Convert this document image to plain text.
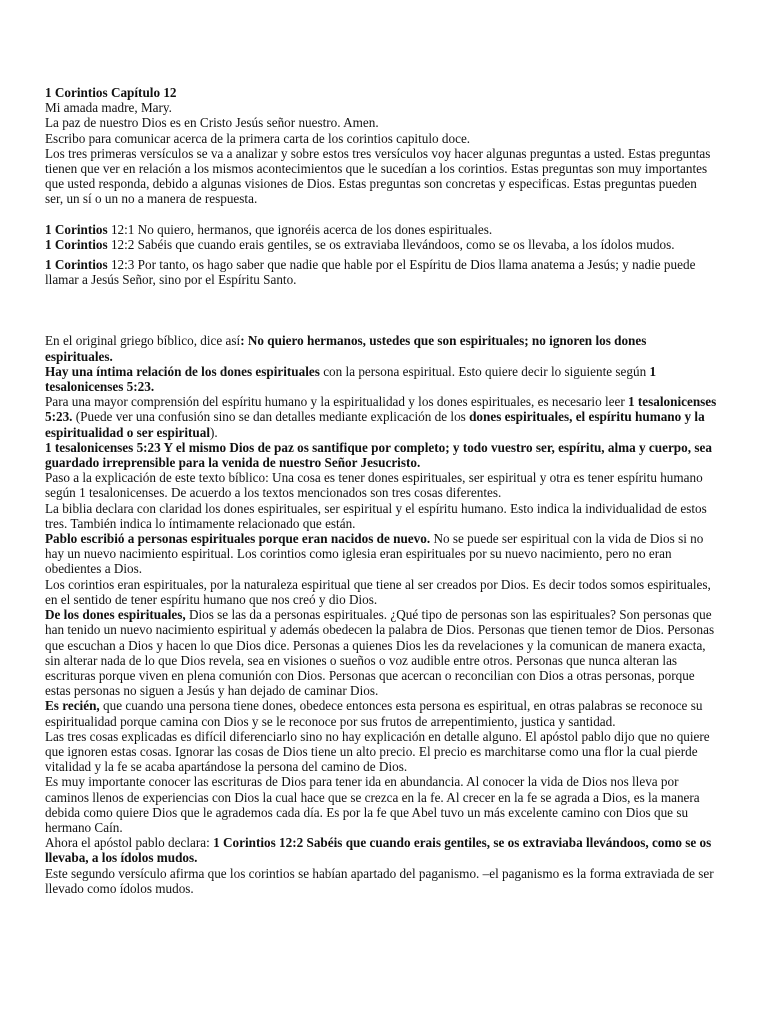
1 Corintios Capítulo 12

Mi amada madre, Mary.

La paz de nuestro Dios es en Cristo Jesús señor nuestro. Amen.

Escribo para comunicar acerca de la primera carta de los corintios capitulo doce.

Los tres primeras versículos se va a analizar y sobre estos tres versículos voy hacer algunas preguntas a usted. Estas preguntas tienen que ver en relación a los mismos acontecimientos que le sucedían a los corintios. Estas preguntas son muy importantes que usted responda, debido a algunas visiones de Dios. Estas preguntas son concretas y especificas. Estas preguntas pueden ser, un sí o un no a manera de respuesta.

1 Corintios 12:1 No quiero, hermanos, que ignoréis acerca de los dones espirituales.

1 Corintios 12:2 Sabéis que cuando erais gentiles, se os extraviaba llevándoos, como se os llevaba, a los ídolos mudos.

1 Corintios 12:3 Por tanto, os hago saber que nadie que hable por el Espíritu de Dios llama anatema a Jesús; y nadie puede llamar a Jesús Señor, sino por el Espíritu Santo.

En el original griego bíblico, dice así: No quiero hermanos, ustedes que son espirituales; no ignoren los dones espirituales.

Hay una íntima relación de los dones espirituales con la persona espiritual. Esto quiere decir lo siguiente según 1 tesalonicenses 5:23.

Para una mayor comprensión del espíritu humano y la espiritualidad y los dones espirituales, es necesario leer 1 tesalonicenses 5:23. (Puede ver una confusión sino se dan detalles mediante explicación de los dones espirituales, el espíritu humano y la espiritualidad o ser espiritual).

1 tesalonicenses 5:23 Y el mismo Dios de paz os santifique por completo; y todo vuestro ser, espíritu, alma y cuerpo, sea guardado irreprensible para la venida de nuestro Señor Jesucristo.

Paso a la explicación de este texto bíblico: Una cosa es tener dones espirituales, ser espiritual y otra es tener espíritu humano según 1 tesalonicenses. De acuerdo a los textos mencionados son tres cosas diferentes.

La biblia declara con claridad los dones espirituales, ser espiritual y el espíritu humano. Esto indica la individualidad de estos tres. También indica lo íntimamente relacionado que están.

Pablo escribió a personas espirituales porque eran nacidos de nuevo. No se puede ser espiritual con la vida de Dios si no hay un nuevo nacimiento espiritual. Los corintios como iglesia eran espirituales por su nuevo nacimiento, pero no eran obedientes a Dios.

Los corintios eran espirituales, por la naturaleza espiritual que tiene al ser creados por Dios. Es decir todos somos espirituales, en el sentido de tener espíritu humano que nos creó y dio Dios.

De los dones espirituales, Dios se las da a personas espirituales. ¿Qué tipo de personas son las espirituales? Son personas que han tenido un nuevo nacimiento espiritual y además obedecen la palabra de Dios. Personas que tienen temor de Dios. Personas que escuchan a Dios y hacen lo que Dios dice. Personas a quienes Dios les da revelaciones y la comunican de manera exacta, sin alterar nada de lo que Dios revela, sea en visiones o sueños o voz audible entre otros. Personas que nunca alteran las escrituras porque viven en plena comunión con Dios. Personas que acercan o reconcilian con Dios a otras personas, porque estas personas no siguen a Jesús y han dejado de caminar Dios.

Es recién, que cuando una persona tiene dones, obedece entonces esta persona es espiritual, en otras palabras se reconoce su espiritualidad porque camina con Dios y se le reconoce por sus frutos de arrepentimiento, justica y santidad.

Las tres cosas explicadas es difícil diferenciarlo sino no hay explicación en detalle alguno. El apóstol pablo dijo que no quiere que ignoren estas cosas. Ignorar las cosas de Dios tiene un alto precio. El precio es marchitarse como una flor la cual pierde vitalidad y la fe se acaba apartándose la persona del camino de Dios.

Es muy importante conocer las escrituras de Dios para tener ida en abundancia. Al conocer la vida de Dios nos lleva por caminos llenos de experiencias con Dios la cual hace que se crezca en la fe. Al crecer en la fe se agrada a Dios, es la manera debida como quiere Dios que le agrademos cada día. Es por la fe que Abel tuvo un más excelente camino con Dios que su hermano Caín.

Ahora el apóstol pablo declara: 1 Corintios 12:2 Sabéis que cuando erais gentiles, se os extraviaba llevándoos, como se os llevaba, a los ídolos mudos.

Este segundo versículo afirma que los corintios se habían apartado del paganismo. –el paganismo es la forma extraviada de ser llevado como ídolos mudos.
